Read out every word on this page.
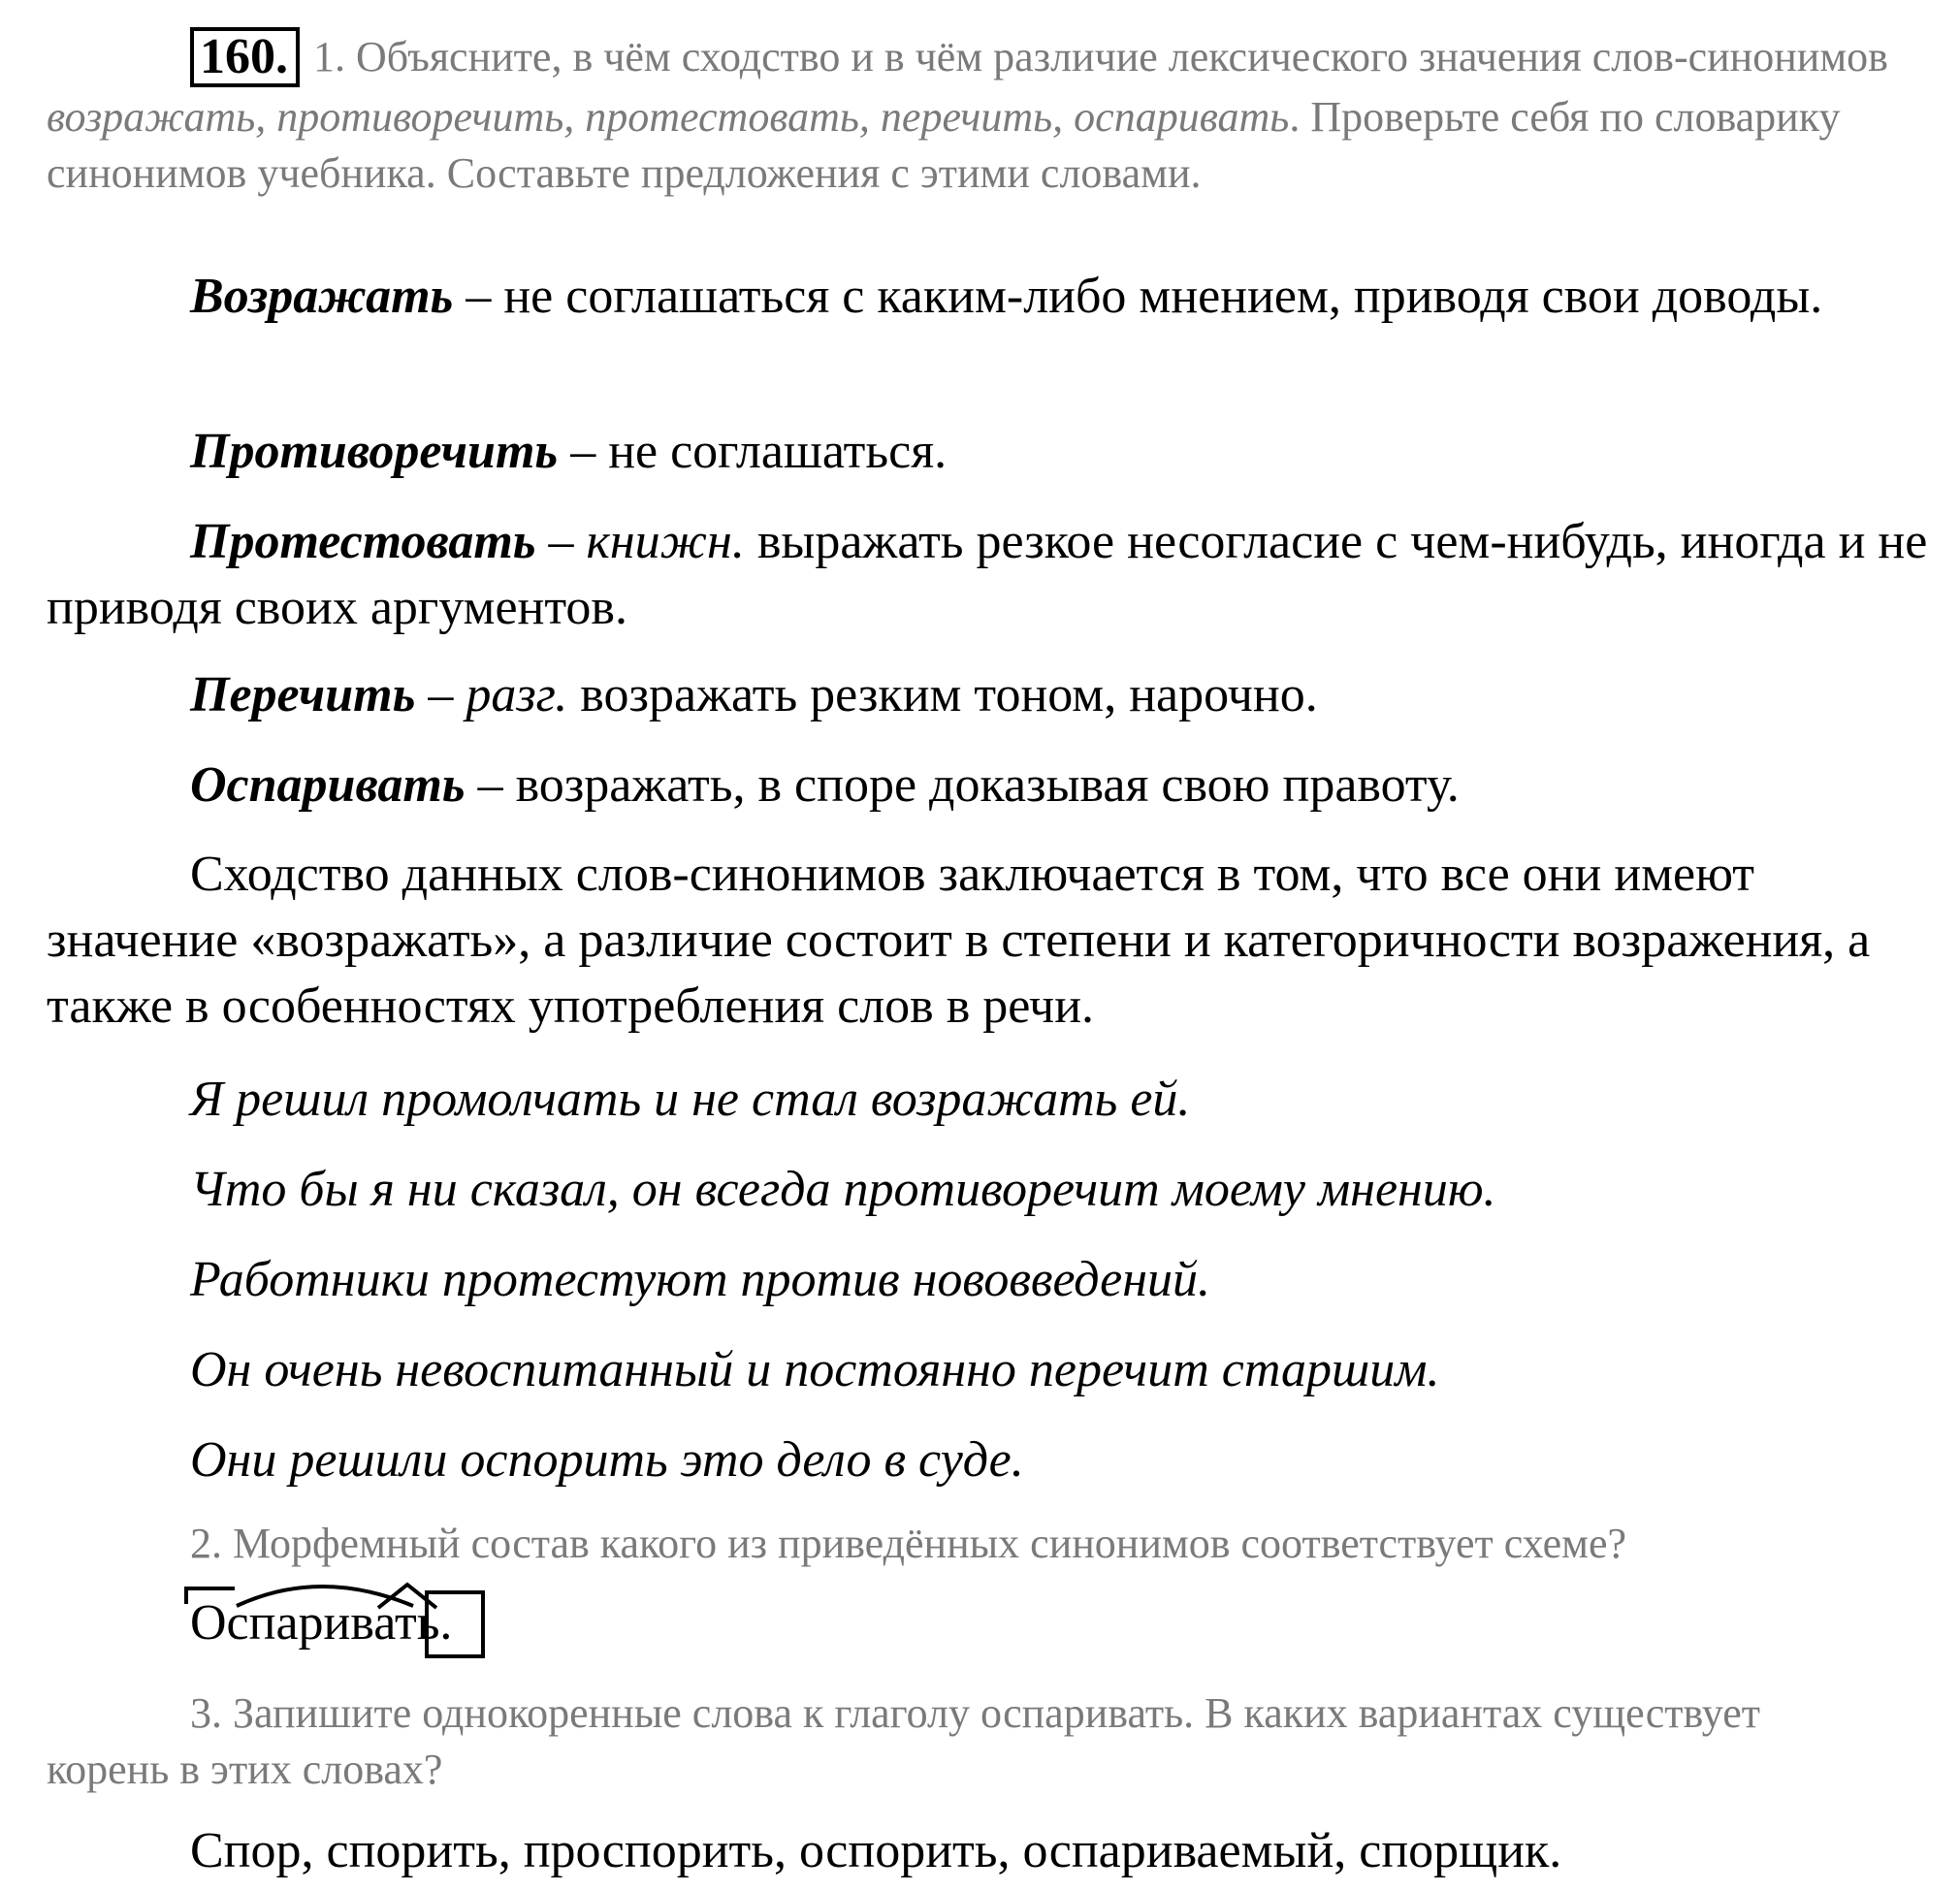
160. 1. Объясните, в чём сходство и в чём различие лексического значения слов-синонимов возражать, противоречить, протестовать, перечить, оспаривать. Проверьте себя по словарику синонимов учебника. Составьте предложения с этими словами.

Возражать – не соглашаться с каким-либо мнением, приводя свои доводы.

Противоречить – не соглашаться.

Протестовать – книжн. выражать резкое несогласие с чем-нибудь, иногда и не приводя своих аргументов.

Перечить – разг. возражать резким тоном, нарочно.

Оспаривать – возражать, в споре доказывая свою правоту.

Сходство данных слов-синонимов заключается в том, что все они имеют значение «возражать», а различие состоит в степени и категоричности возражения, а также в особенностях употребления слов в речи.

Я решил промолчать и не стал возражать ей.

Что бы я ни сказал, он всегда противоречит моему мнению.

Работники протестуют против нововведений.

Он очень невоспитанный и постоянно перечит старшим.

Они решили оспорить это дело в суде.

2. Морфемный состав какого из приведённых синонимов соответствует схеме?

Оспаривать.

3. Запишите однокоренные слова к глаголу оспаривать. В каких вариантах существует корень в этих словах?

Спор, спорить, проспорить, оспорить, оспариваемый, спорщик.
